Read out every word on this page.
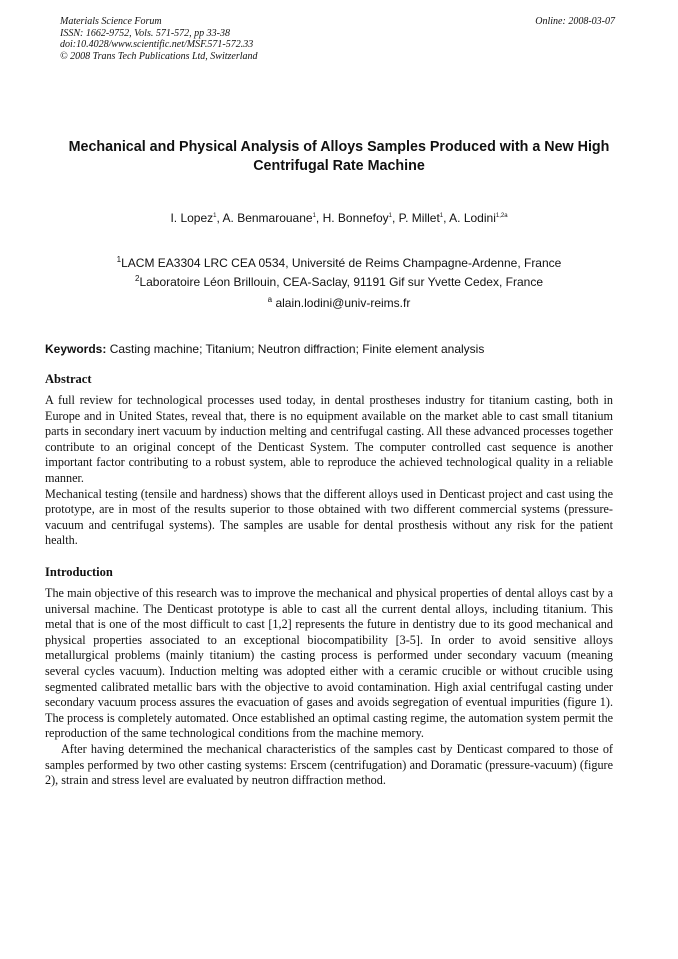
Materials Science Forum
ISSN: 1662-9752, Vols. 571-572, pp 33-38
doi:10.4028/www.scientific.net/MSF.571-572.33
© 2008 Trans Tech Publications Ltd, Switzerland
Online: 2008-03-07
Mechanical and Physical Analysis of Alloys Samples Produced with a New High Centrifugal Rate Machine
I. Lopez$^1$, A. Benmarouane$^1$, H. Bonnefoy$^1$, P. Millet$^1$, A. Lodini$^{1,2a}$
$^1$LACM EA3304 LRC CEA 0534, Université de Reims Champagne-Ardenne, France
$^2$Laboratoire Léon Brillouin, CEA-Saclay, 91191 Gif sur Yvette Cedex, France
$^a$ alain.lodini@univ-reims.fr
Keywords: Casting machine; Titanium; Neutron diffraction; Finite element analysis
Abstract

A full review for technological processes used today, in dental prostheses industry for titanium casting, both in Europe and in United States, reveal that, there is no equipment available on the market able to cast small titanium parts in secondary inert vacuum by induction melting and centrifugal casting. All these advanced processes together contribute to an original concept of the Denticast System. The computer controlled cast sequence is another important factor contributing to a robust system, able to reproduce the achieved technological quality in a reliable manner.

Mechanical testing (tensile and hardness) shows that the different alloys used in Denticast project and cast using the prototype, are in most of the results superior to those obtained with two different commercial systems (pressure-vacuum and centrifugal systems). The samples are usable for dental prosthesis without any risk for the patient health.

Introduction

The main objective of this research was to improve the mechanical and physical properties of dental alloys cast by a universal machine. The Denticast prototype is able to cast all the current dental alloys, including titanium. This metal that is one of the most difficult to cast [1,2] represents the future in dentistry due to its good mechanical and physical properties associated to an exceptional biocompatibility [3-5]. In order to avoid sensitive alloys metallurgical problems (mainly titanium) the casting process is performed under secondary vacuum (meaning several cycles vacuum). Induction melting was adopted either with a ceramic crucible or without crucible using segmented calibrated metallic bars with the objective to avoid contamination. High axial centrifugal casting under secondary vacuum process assures the evacuation of gases and avoids segregation of eventual impurities (figure 1). The process is completely automated. Once established an optimal casting regime, the automation system permit the reproduction of the same technological conditions from the machine memory.

After having determined the mechanical characteristics of the samples cast by Denticast compared to those of samples performed by two other casting systems: Erscem (centrifugation) and Doramatic (pressure-vacuum) (figure 2), strain and stress level are evaluated by neutron diffraction method.
